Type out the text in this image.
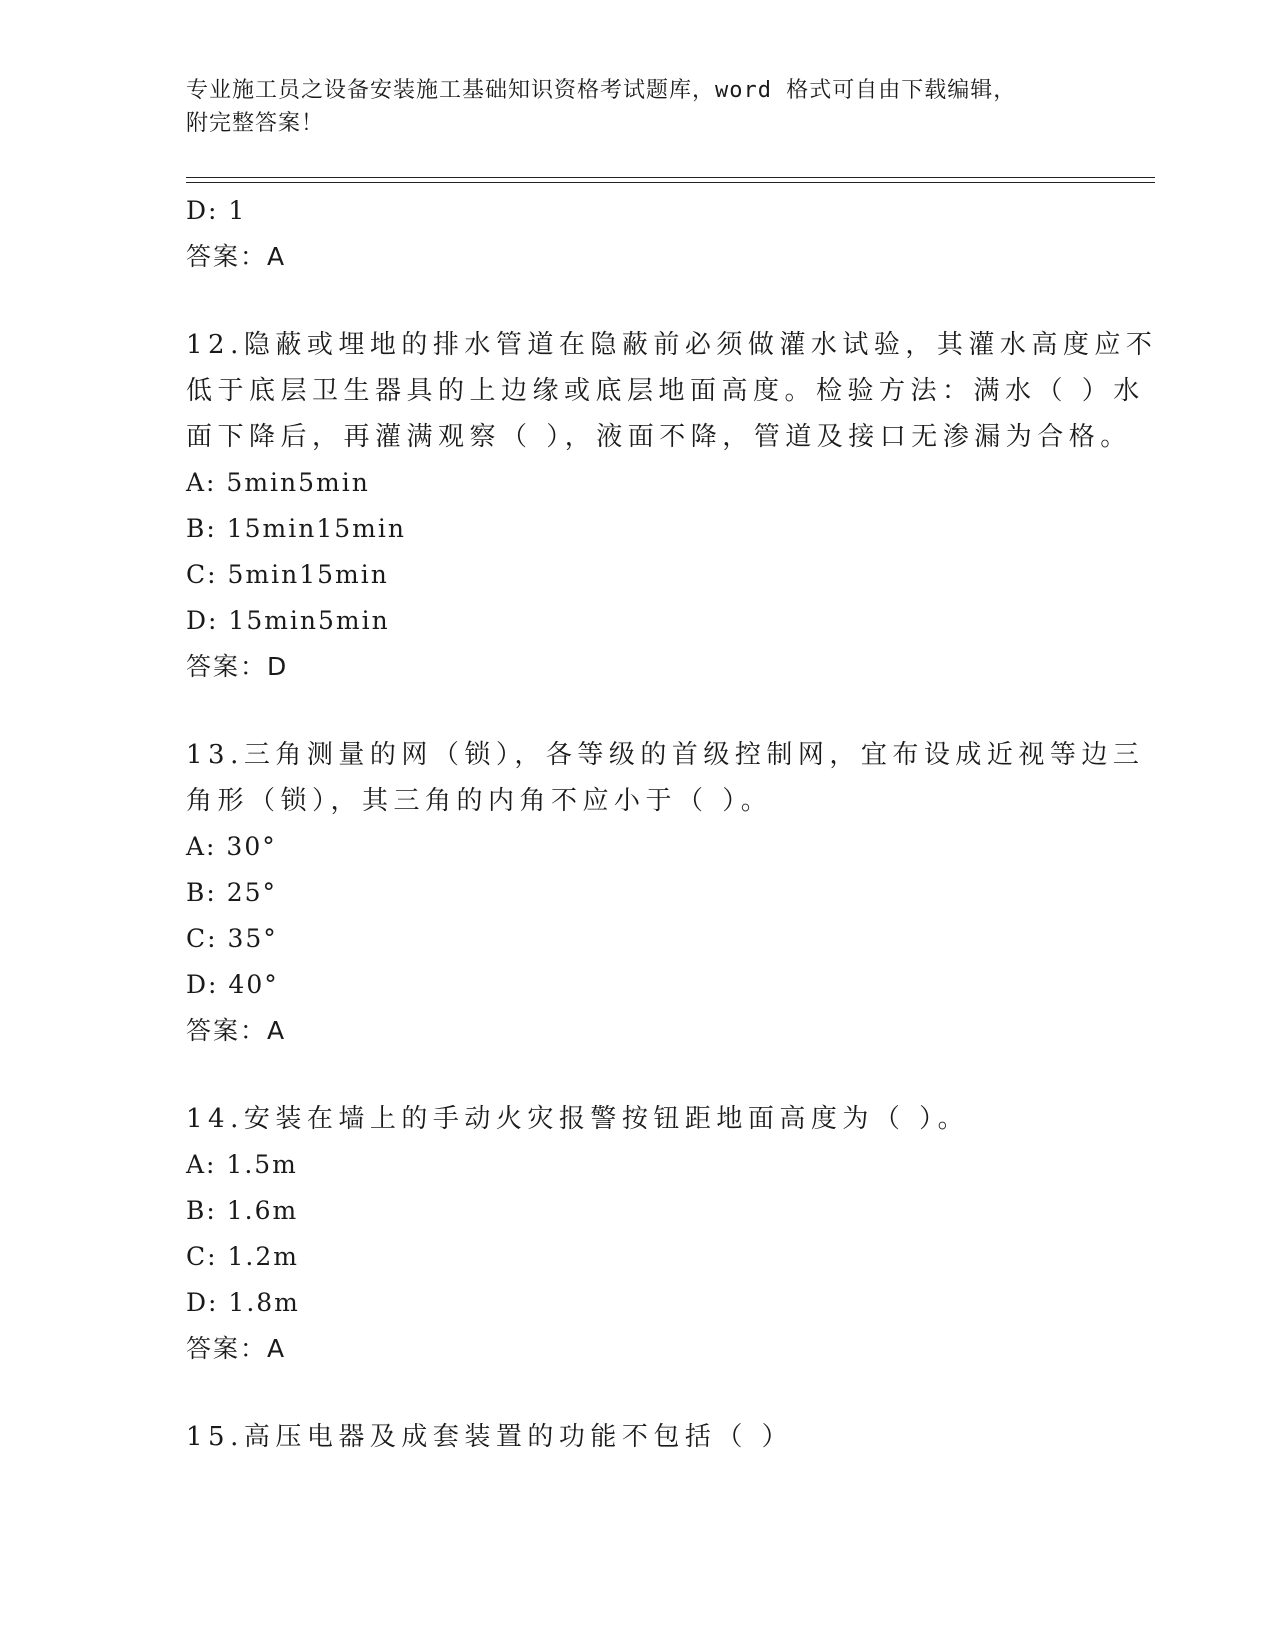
专业施工员之设备安装施工基础知识资格考试题库，word 格式可自由下载编辑，
附完整答案！
D: 1
答案：A
12.隐蔽或埋地的排水管道在隐蔽前必须做灌水试验，其灌水高度应不
低于底层卫生器具的上边缘或底层地面高度。检验方法：满水（ ）水
面下降后，再灌满观察（ ），液面不降，管道及接口无渗漏为合格。
A: 5min5min
B: 15min15min
C: 5min15min
D: 15min5min
答案：D
13.三角测量的网（锁），各等级的首级控制网，宜布设成近视等边三
角形（锁），其三角的内角不应小于（ ）。
A: 30°
B: 25°
C: 35°
D: 40°
答案：A
14.安装在墙上的手动火灾报警按钮距地面高度为（ ）。
A: 1.5m
B: 1.6m
C: 1.2m
D: 1.8m
答案：A
15.高压电器及成套装置的功能不包括（ ）
